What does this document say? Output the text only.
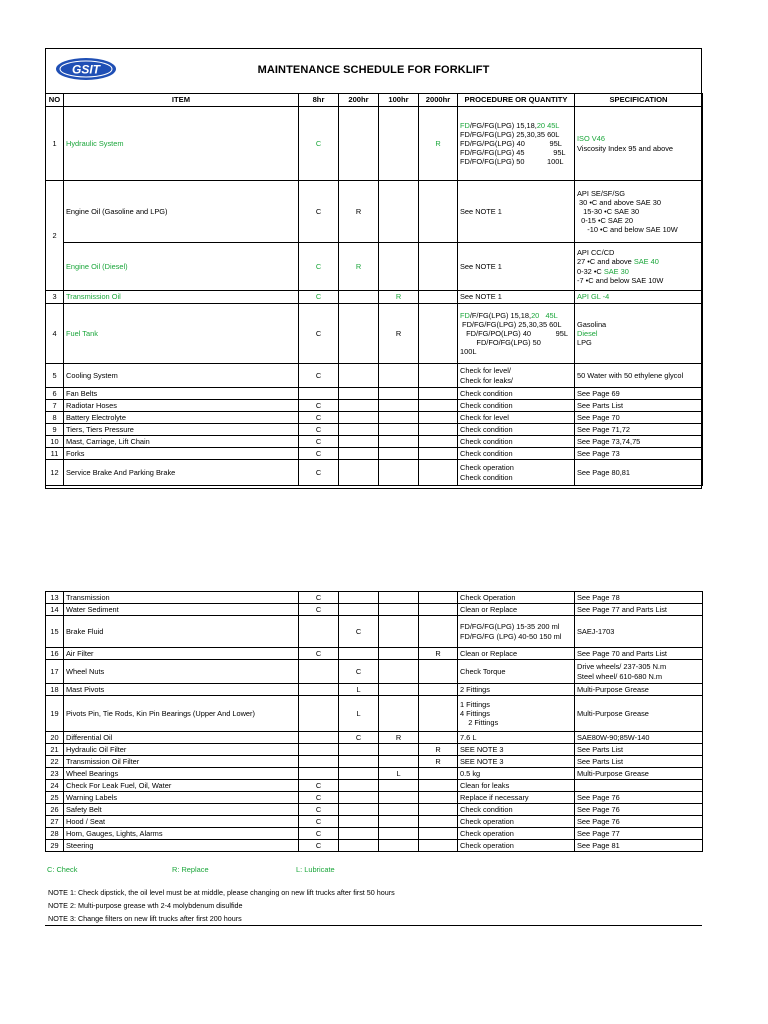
GSIT	MAINTENANCE SCHEDULE FOR FORKLIFT
NO	ITEM	8hr	200hr	100hr	2000hr	PROCEDURE OR QUANTITY	SPECIFICATION
1	Hydraulic System	C			R	FD/FG/FG(LPG) 15,18,20 45L
FD/FG/FG(LPG) 25,30,35 60L
FD/FG/PG(LPG) 40            95L
FD/FG/FG(LPG) 45              95L
FD/FO/FG(LPG) 50           100L	ISO V46
Viscosity Index 95 and above
2	Engine Oil (Gasoline and LPG)	C	R			See NOTE 1	API SE/SF/SG
30 •C and above SAE 30
15-30 •C SAE 30
0-15 •C SAE 20
-10 •C and below SAE 10W
	Engine Oil (Diesel)	C	R			See NOTE 1	API CC/CD
27 •C and above SAE 40
0-32 •C SAE 30
-7 •C and below SAE 10W
3	Transmission Oil	C		R		See NOTE 1	API GL -4
4	Fuel Tank	C		R		FD/F/FG(LPG) 15,18,20   45L
FD/FG/FG(LPG) 25,30,35 60L
FD/FG/PO(LPG) 40            95L
FD/FO/FG(LPG) 50
100L	Gasolina
Diesel
LPG
5	Cooling System	C				Check for level/
Check for leaks/	50 Water with 50 ethylene glycol
6	Fan Belts					Check condition	See Page 69
7	Radiotar Hoses	C				Check condition	See Parts List
8	Battery Electrolyte	C				Check for level	See Page 70
9	Tiers, Tiers Pressure	C				Check condition	See Page 71,72
10	Mast, Carriage, Lift Chain	C				Check condition	See Page 73,74,75
11	Forks	C				Check condition	See Page 73
12	Service Brake And Parking Brake	C				Check operation
Check condition	See Page 80,81
13	Transmission	C				Check Operation	See Page 78
14	Water Sediment	C				Clean or Replace	See Page 77 and Parts List
15	Brake Fluid		C			FD/FG/FG(LPG) 15-35 200 ml
FD/FG/FG (LPG) 40-50 150 ml	SAEJ-1703
16	Air Filter	C			R	Clean or Replace	See Page 70 and Parts List
17	Wheel Nuts		C			Check Torque	Drive wheels/ 237-305 N.m
Steel wheel/ 610-680 N.m
18	Mast Pivots		L			2 Fittings	Multi-Purpose Grease
19	Pivots Pin, Tie Rods, Kin Pin Bearings (Upper And Lower)		L			1 Fittings
4 Fittings
2 Fittings	Multi-Purpose Grease
20	Differential Oil		C	R		7.6 L	SAE80W-90;85W-140
21	Hydraulic Oil Filter				R	SEE NOTE 3	See Parts List
22	Transmission Oil Filter				R	SEE NOTE 3	See Parts List
23	Wheel Bearings			L		0.5 kg	Multi-Purpose Grease
24	Check For Leak Fuel, Oil, Water	C				Clean for leaks	
25	Warning Labels	C				Replace if necessary	See Page 76
26	Safety Belt	C				Check condition	See Page 76
27	Hood / Seat	C				Check operation	See Page 76
28	Horn, Gauges, Lights, Alarms	C				Check operation	See Page 77
29	Steering	C				Check operation	See Page 81
C: Check	R: Replace	L: Lubricate
NOTE 1: Check dipstick, the oil level must be at middle, please changing on new lift trucks after first 50 hours
NOTE 2: Multi-purpose grease wth 2-4 molybdenum disulfide
NOTE 3: Change filters on new lift trucks after first 200 hours
